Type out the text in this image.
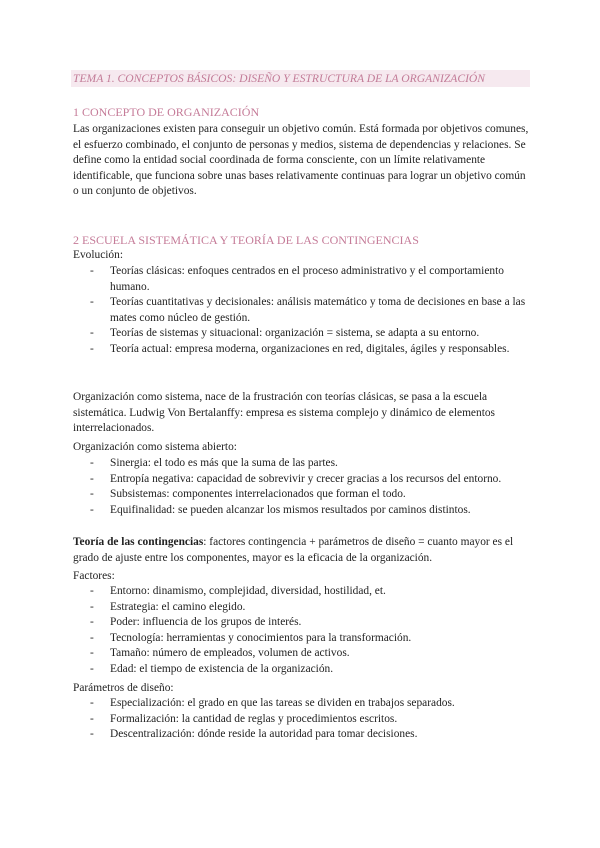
TEMA 1. CONCEPTOS BÁSICOS: DISEÑO Y ESTRUCTURA DE LA ORGANIZACIÓN
1 CONCEPTO DE ORGANIZACIÓN
Las organizaciones existen para conseguir un objetivo común. Está formada por objetivos comunes, el esfuerzo combinado, el conjunto de personas y medios, sistema de dependencias y relaciones. Se define como la entidad social coordinada de forma consciente, con un límite relativamente identificable, que funciona sobre unas bases relativamente continuas para lograr un objetivo común o un conjunto de objetivos.
2 ESCUELA SISTEMÁTICA Y TEORÍA DE LAS CONTINGENCIAS
Evolución:
- Teorías clásicas: enfoques centrados en el proceso administrativo y el comportamiento humano.
- Teorías cuantitativas y decisionales: análisis matemático y toma de decisiones en base a las mates como núcleo de gestión.
- Teorías de sistemas y situacional: organización = sistema, se adapta a su entorno.
- Teoría actual: empresa moderna, organizaciones en red, digitales, ágiles y responsables.
Organización como sistema, nace de la frustración con teorías clásicas, se pasa a la escuela sistemática. Ludwig Von Bertalanffy: empresa es sistema complejo y dinámico de elementos interrelacionados.
Organización como sistema abierto:
- Sinergia: el todo es más que la suma de las partes.
- Entropía negativa: capacidad de sobrevivir y crecer gracias a los recursos del entorno.
- Subsistemas: componentes interrelacionados que forman el todo.
- Equifinalidad: se pueden alcanzar los mismos resultados por caminos distintos.
Teoría de las contingencias: factores contingencia + parámetros de diseño = cuanto mayor es el grado de ajuste entre los componentes, mayor es la eficacia de la organización.
Factores:
- Entorno: dinamismo, complejidad, diversidad, hostilidad, et.
- Estrategia: el camino elegido.
- Poder: influencia de los grupos de interés.
- Tecnología: herramientas y conocimientos para la transformación.
- Tamaño: número de empleados, volumen de activos.
- Edad: el tiempo de existencia de la organización.
Parámetros de diseño:
- Especialización: el grado en que las tareas se dividen en trabajos separados.
- Formalización: la cantidad de reglas y procedimientos escritos.
- Descentralización: dónde reside la autoridad para tomar decisiones.
